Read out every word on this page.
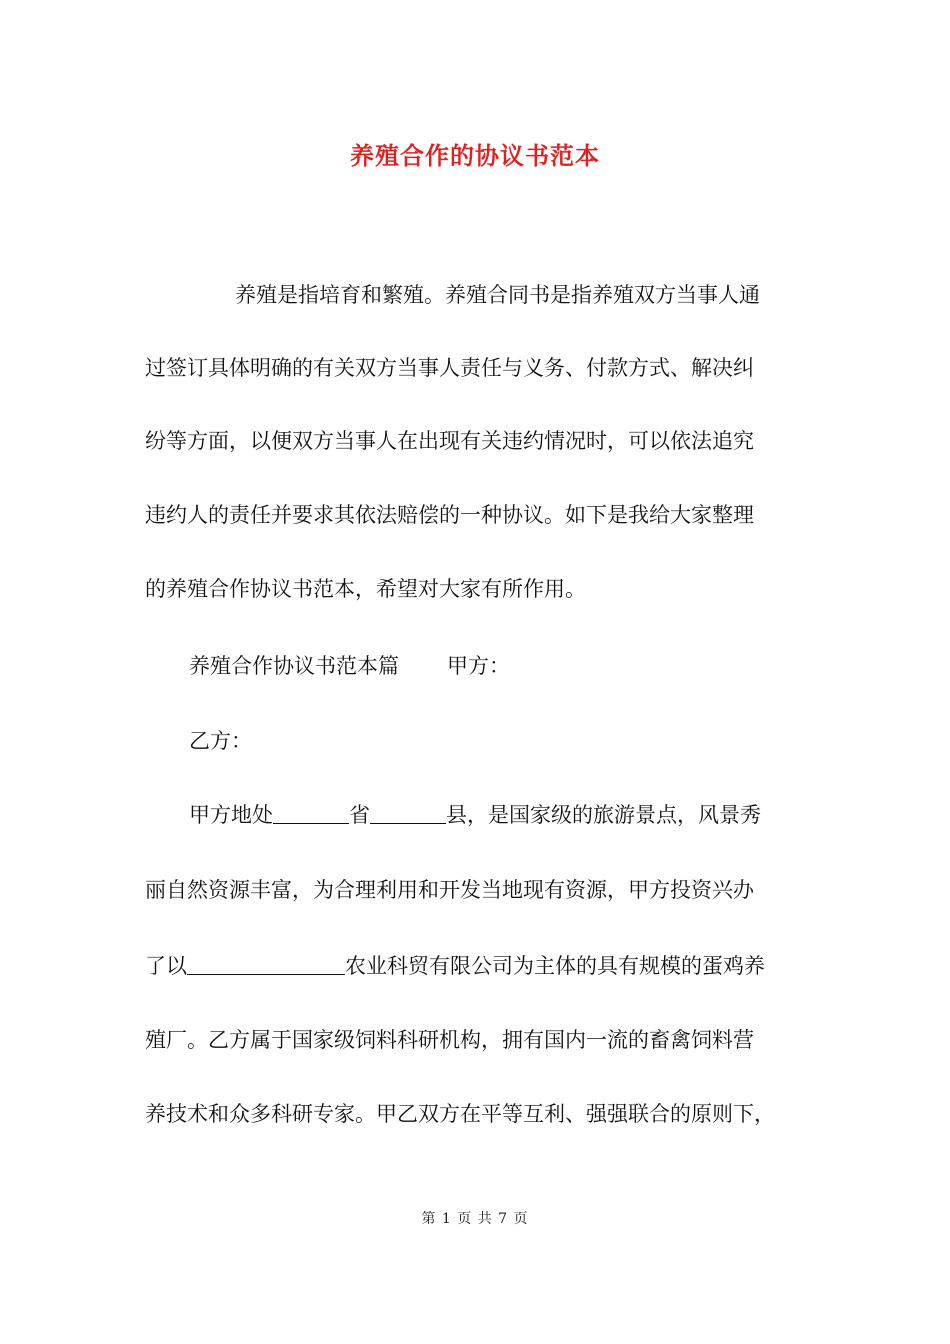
养殖合作的协议书范本
养殖是指培育和繁殖。养殖合同书是指养殖双方当事人通
过签订具体明确的有关双方当事人责任与义务、付款方式、解决纠
纷等方面，以便双方当事人在出现有关违约情况时，可以依法追究
违约人的责任并要求其依法赔偿的一种协议。如下是我给大家整理
的养殖合作协议书范本，希望对大家有所作用。
养殖合作协议书范本篇 甲方：
乙方：
甲方地处	省	县，是国家级的旅游景点，风景秀
丽自然资源丰富，为合理利用和开发当地现有资源，甲方投资兴办
了以	农业科贸有限公司为主体的具有规模的蛋鸡养
殖厂。乙方属于国家级饲料科研机构，拥有国内一流的畜禽饲料营
养技术和众多科研专家。甲乙双方在平等互利、强强联合的原则下，
第 1 页 共 7 页
